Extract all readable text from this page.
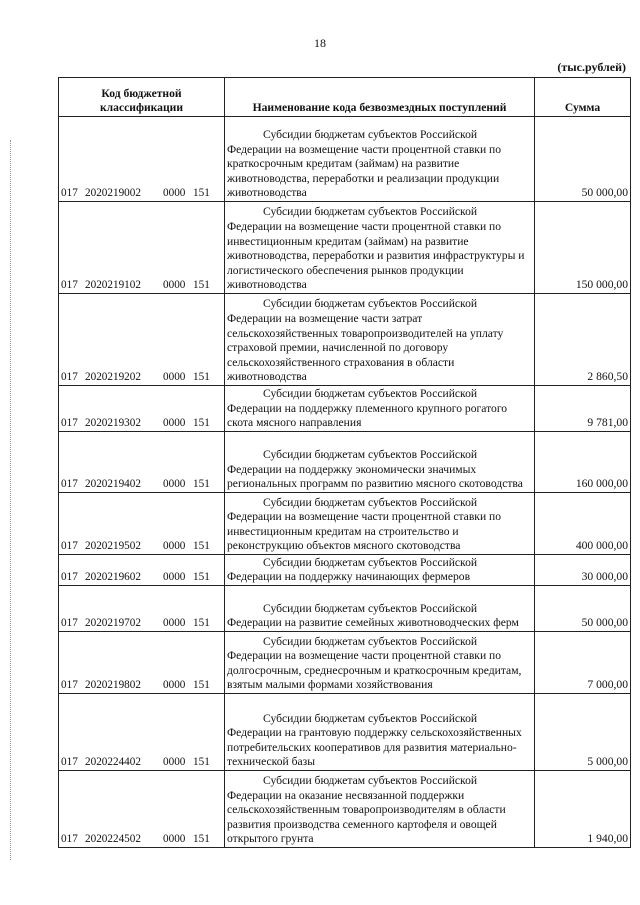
18
(тыс.рублей)
Код бюджетной классификации	Наименование кода безвозмездных поступлений	Сумма
017 2020219002 0000 151	Субсидии бюджетам субъектов Российской Федерации на возмещение части процентной ставки по краткосрочным кредитам (займам) на развитие животноводства, переработки и реализации продукции животноводства	50 000,00
017 2020219102 0000 151	Субсидии бюджетам субъектов Российской Федерации на возмещение части процентной ставки по инвестиционным кредитам (займам) на развитие животноводства, переработки и развития инфраструктуры и логистического обеспечения рынков продукции животноводства	150 000,00
017 2020219202 0000 151	Субсидии бюджетам субъектов Российской Федерации на возмещение части затрат сельскохозяйственных товаропроизводителей на уплату страховой премии, начисленной по договору сельскохозяйственного страхования в области животноводства	2 860,50
017 2020219302 0000 151	Субсидии бюджетам субъектов Российской Федерации на поддержку племенного крупного рогатого скота мясного направления	9 781,00
017 2020219402 0000 151	Субсидии бюджетам субъектов Российской Федерации на поддержку экономически значимых региональных программ по развитию мясного скотоводства	160 000,00
017 2020219502 0000 151	Субсидии бюджетам субъектов Российской Федерации на возмещение части процентной ставки по инвестиционным кредитам на строительство и реконструкцию объектов мясного скотоводства	400 000,00
017 2020219602 0000 151	Субсидии бюджетам субъектов Российской Федерации на поддержку начинающих фермеров	30 000,00
017 2020219702 0000 151	Субсидии бюджетам субъектов Российской Федерации на развитие семейных животноводческих ферм	50 000,00
017 2020219802 0000 151	Субсидии бюджетам субъектов Российской Федерации на возмещение части процентной ставки по долгосрочным, среднесрочным и краткосрочным кредитам, взятым малыми формами хозяйствования	7 000,00
017 2020224402 0000 151	Субсидии бюджетам субъектов Российской Федерации на грантовую поддержку сельскохозяйственных потребительских кооперативов для развития материально-технической базы	5 000,00
017 2020224502 0000 151	Субсидии бюджетам субъектов Российской Федерации на оказание несвязанной поддержки сельскохозяйственным товаропроизводителям в области развития производства семенного картофеля и овощей открытого грунта	1 940,00
